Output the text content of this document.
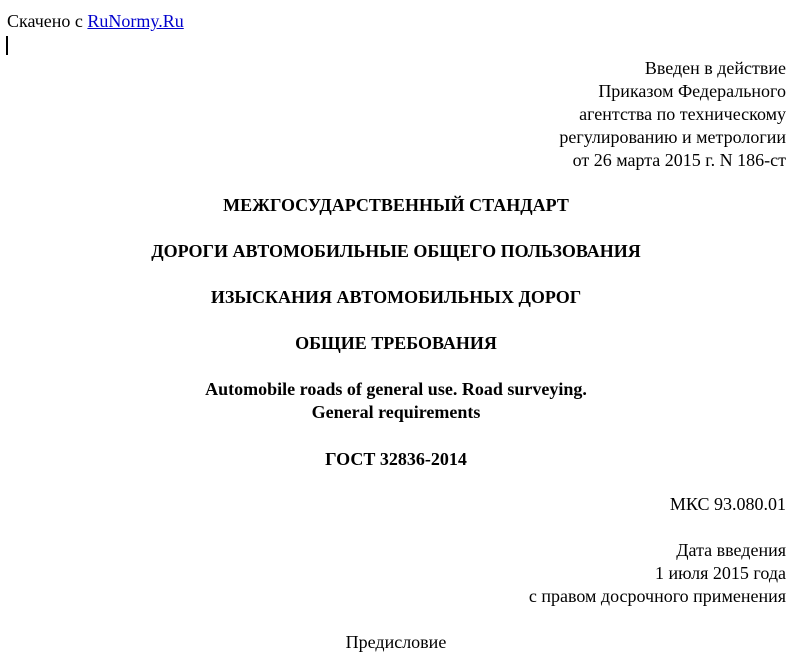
Скачено с RuNormy.Ru
Введен в действие
Приказом Федерального
агентства по техническому
регулированию и метрологии
от 26 марта 2015 г. N 186-ст
МЕЖГОСУДАРСТВЕННЫЙ СТАНДАРТ
ДОРОГИ АВТОМОБИЛЬНЫЕ ОБЩЕГО ПОЛЬЗОВАНИЯ
ИЗЫСКАНИЯ АВТОМОБИЛЬНЫХ ДОРОГ
ОБЩИЕ ТРЕБОВАНИЯ
Automobile roads of general use. Road surveying.
General requirements
ГОСТ 32836-2014
МКС 93.080.01
Дата введения
1 июля 2015 года
с правом досрочного применения
Предисловие
